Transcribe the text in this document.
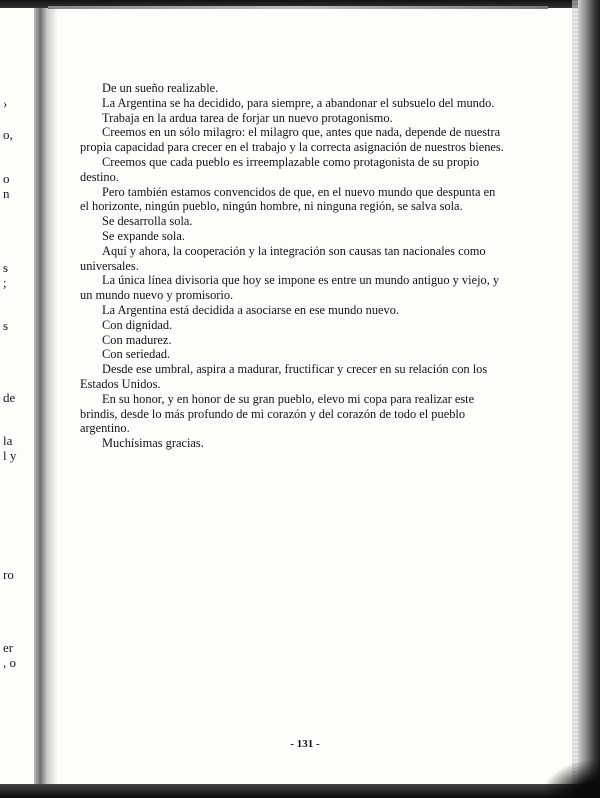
›
o,
o
n
s
;
s
de
la
l y
ro
er
, o

De un sueño realizable.

La Argentina se ha decidido, para siempre, a abandonar el subsuelo del mundo.

Trabaja en la ardua tarea de forjar un nuevo protagonismo.

Creemos en un sólo milagro: el milagro que, antes que nada, depende de nuestra propia capacidad para crecer en el trabajo y la correcta asignación de nuestros bienes.

Creemos que cada pueblo es irreemplazable como protagonista de su propio destino.

Pero también estamos convencidos de que, en el nuevo mundo que despunta en el horizonte, ningún pueblo, ningún hombre, ni ninguna región, se salva sola.

Se desarrolla sola.

Se expande sola.

Aquí y ahora, la cooperación y la integración son causas tan nacionales como universales.

La única línea divisoria que hoy se impone es entre un mundo antiguo y viejo, y un mundo nuevo y promisorio.

La Argentina está decidida a asociarse en ese mundo nuevo.

Con dignidad.

Con madurez.

Con seriedad.

Desde ese umbral, aspira a madurar, fructificar y crecer en su relación con los Estados Unidos.

En su honor, y en honor de su gran pueblo, elevo mi copa para realizar este brindis, desde lo más profundo de mi corazón y del corazón de todo el pueblo argentino.

Muchísimas gracias.

- 131 -
